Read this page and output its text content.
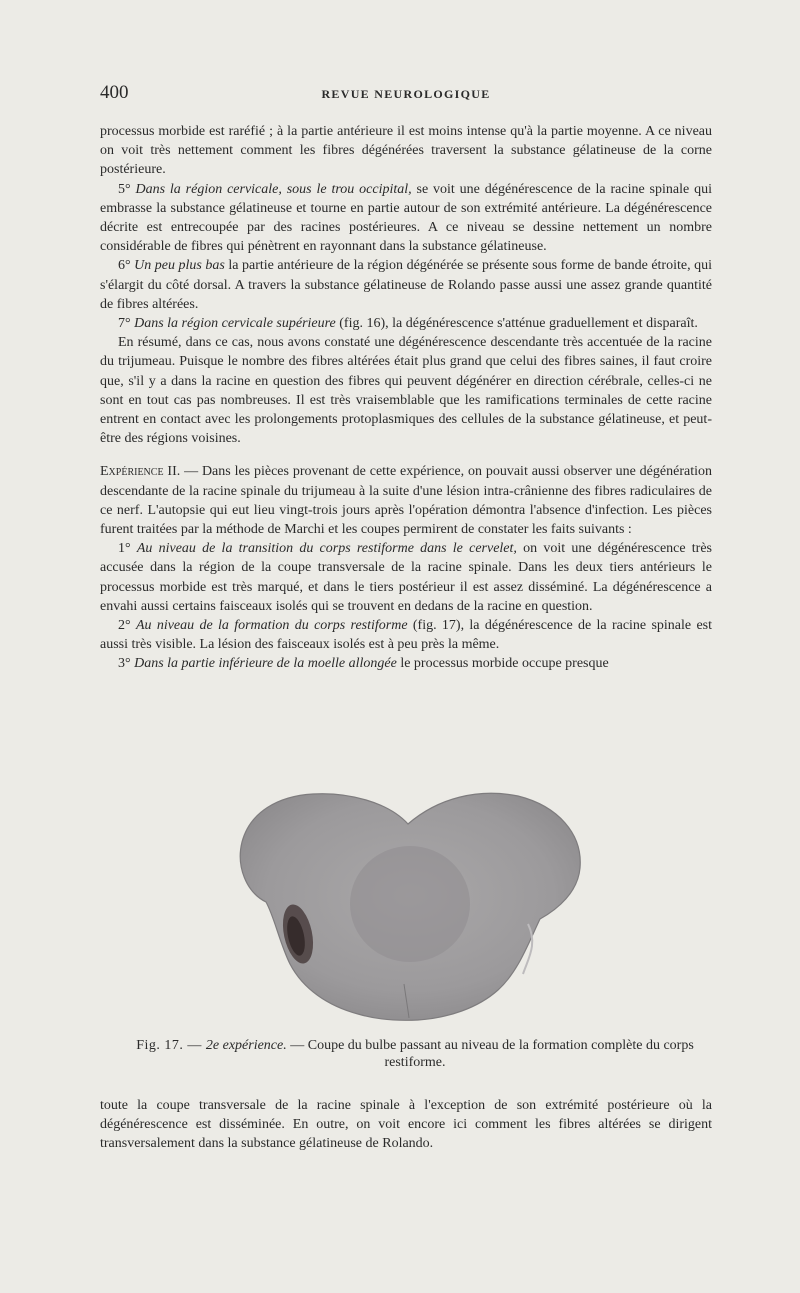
400	REVUE NEUROLOGIQUE

processus morbide est raréfié ; à la partie antérieure il est moins intense qu'à la partie moyenne. A ce niveau on voit très nettement comment les fibres dégénérées traversent la substance gélatineuse de la corne postérieure.

5° Dans la région cervicale, sous le trou occipital, se voit une dégénérescence de la racine spinale qui embrasse la substance gélatineuse et tourne en partie autour de son extrémité antérieure. La dégénérescence décrite est entrecoupée par des racines postérieures. A ce niveau se dessine nettement un nombre considérable de fibres qui pénètrent en rayonnant dans la substance gélatineuse.

6° Un peu plus bas la partie antérieure de la région dégénérée se présente sous forme de bande étroite, qui s'élargit du côté dorsal. A travers la substance gélatineuse de Rolando passe aussi une assez grande quantité de fibres altérées.

7° Dans la région cervicale supérieure (fig. 16), la dégénérescence s'atténue graduellement et disparaît.

En résumé, dans ce cas, nous avons constaté une dégénérescence descendante très accentuée de la racine du trijumeau. Puisque le nombre des fibres altérées était plus grand que celui des fibres saines, il faut croire que, s'il y a dans la racine en question des fibres qui peuvent dégénérer en direction cérébrale, celles-ci ne sont en tout cas pas nombreuses. Il est très vraisemblable que les ramifications terminales de cette racine entrent en contact avec les prolongements protoplasmiques des cellules de la substance gélatineuse, et peut-être des régions voisines.

Expérience II. — Dans les pièces provenant de cette expérience, on pouvait aussi observer une dégénération descendante de la racine spinale du trijumeau à la suite d'une lésion intra-crânienne des fibres radiculaires de ce nerf. L'autopsie qui eut lieu vingt-trois jours après l'opération démontra l'absence d'infection. Les pièces furent traitées par la méthode de Marchi et les coupes permirent de constater les faits suivants :

1° Au niveau de la transition du corps restiforme dans le cervelet, on voit une dégénérescence très accusée dans la région de la coupe transversale de la racine spinale. Dans les deux tiers antérieurs le processus morbide est très marqué, et dans le tiers postérieur il est assez disséminé. La dégénérescence a envahi aussi certains faisceaux isolés qui se trouvent en dedans de la racine en question.

2° Au niveau de la formation du corps restiforme (fig. 17), la dégénérescence de la racine spinale est aussi très visible. La lésion des faisceaux isolés est à peu près la même.

3° Dans la partie inférieure de la moelle allongée le processus morbide occupe presque

Fig. 17. — 2e expérience. — Coupe du bulbe passant au niveau de la formation complète du corps restiforme.

toute la coupe transversale de la racine spinale à l'exception de son extrémité postérieure où la dégénérescence est disséminée. En outre, on voit encore ici comment les fibres altérées se dirigent transversalement dans la substance gélatineuse de Rolando.
